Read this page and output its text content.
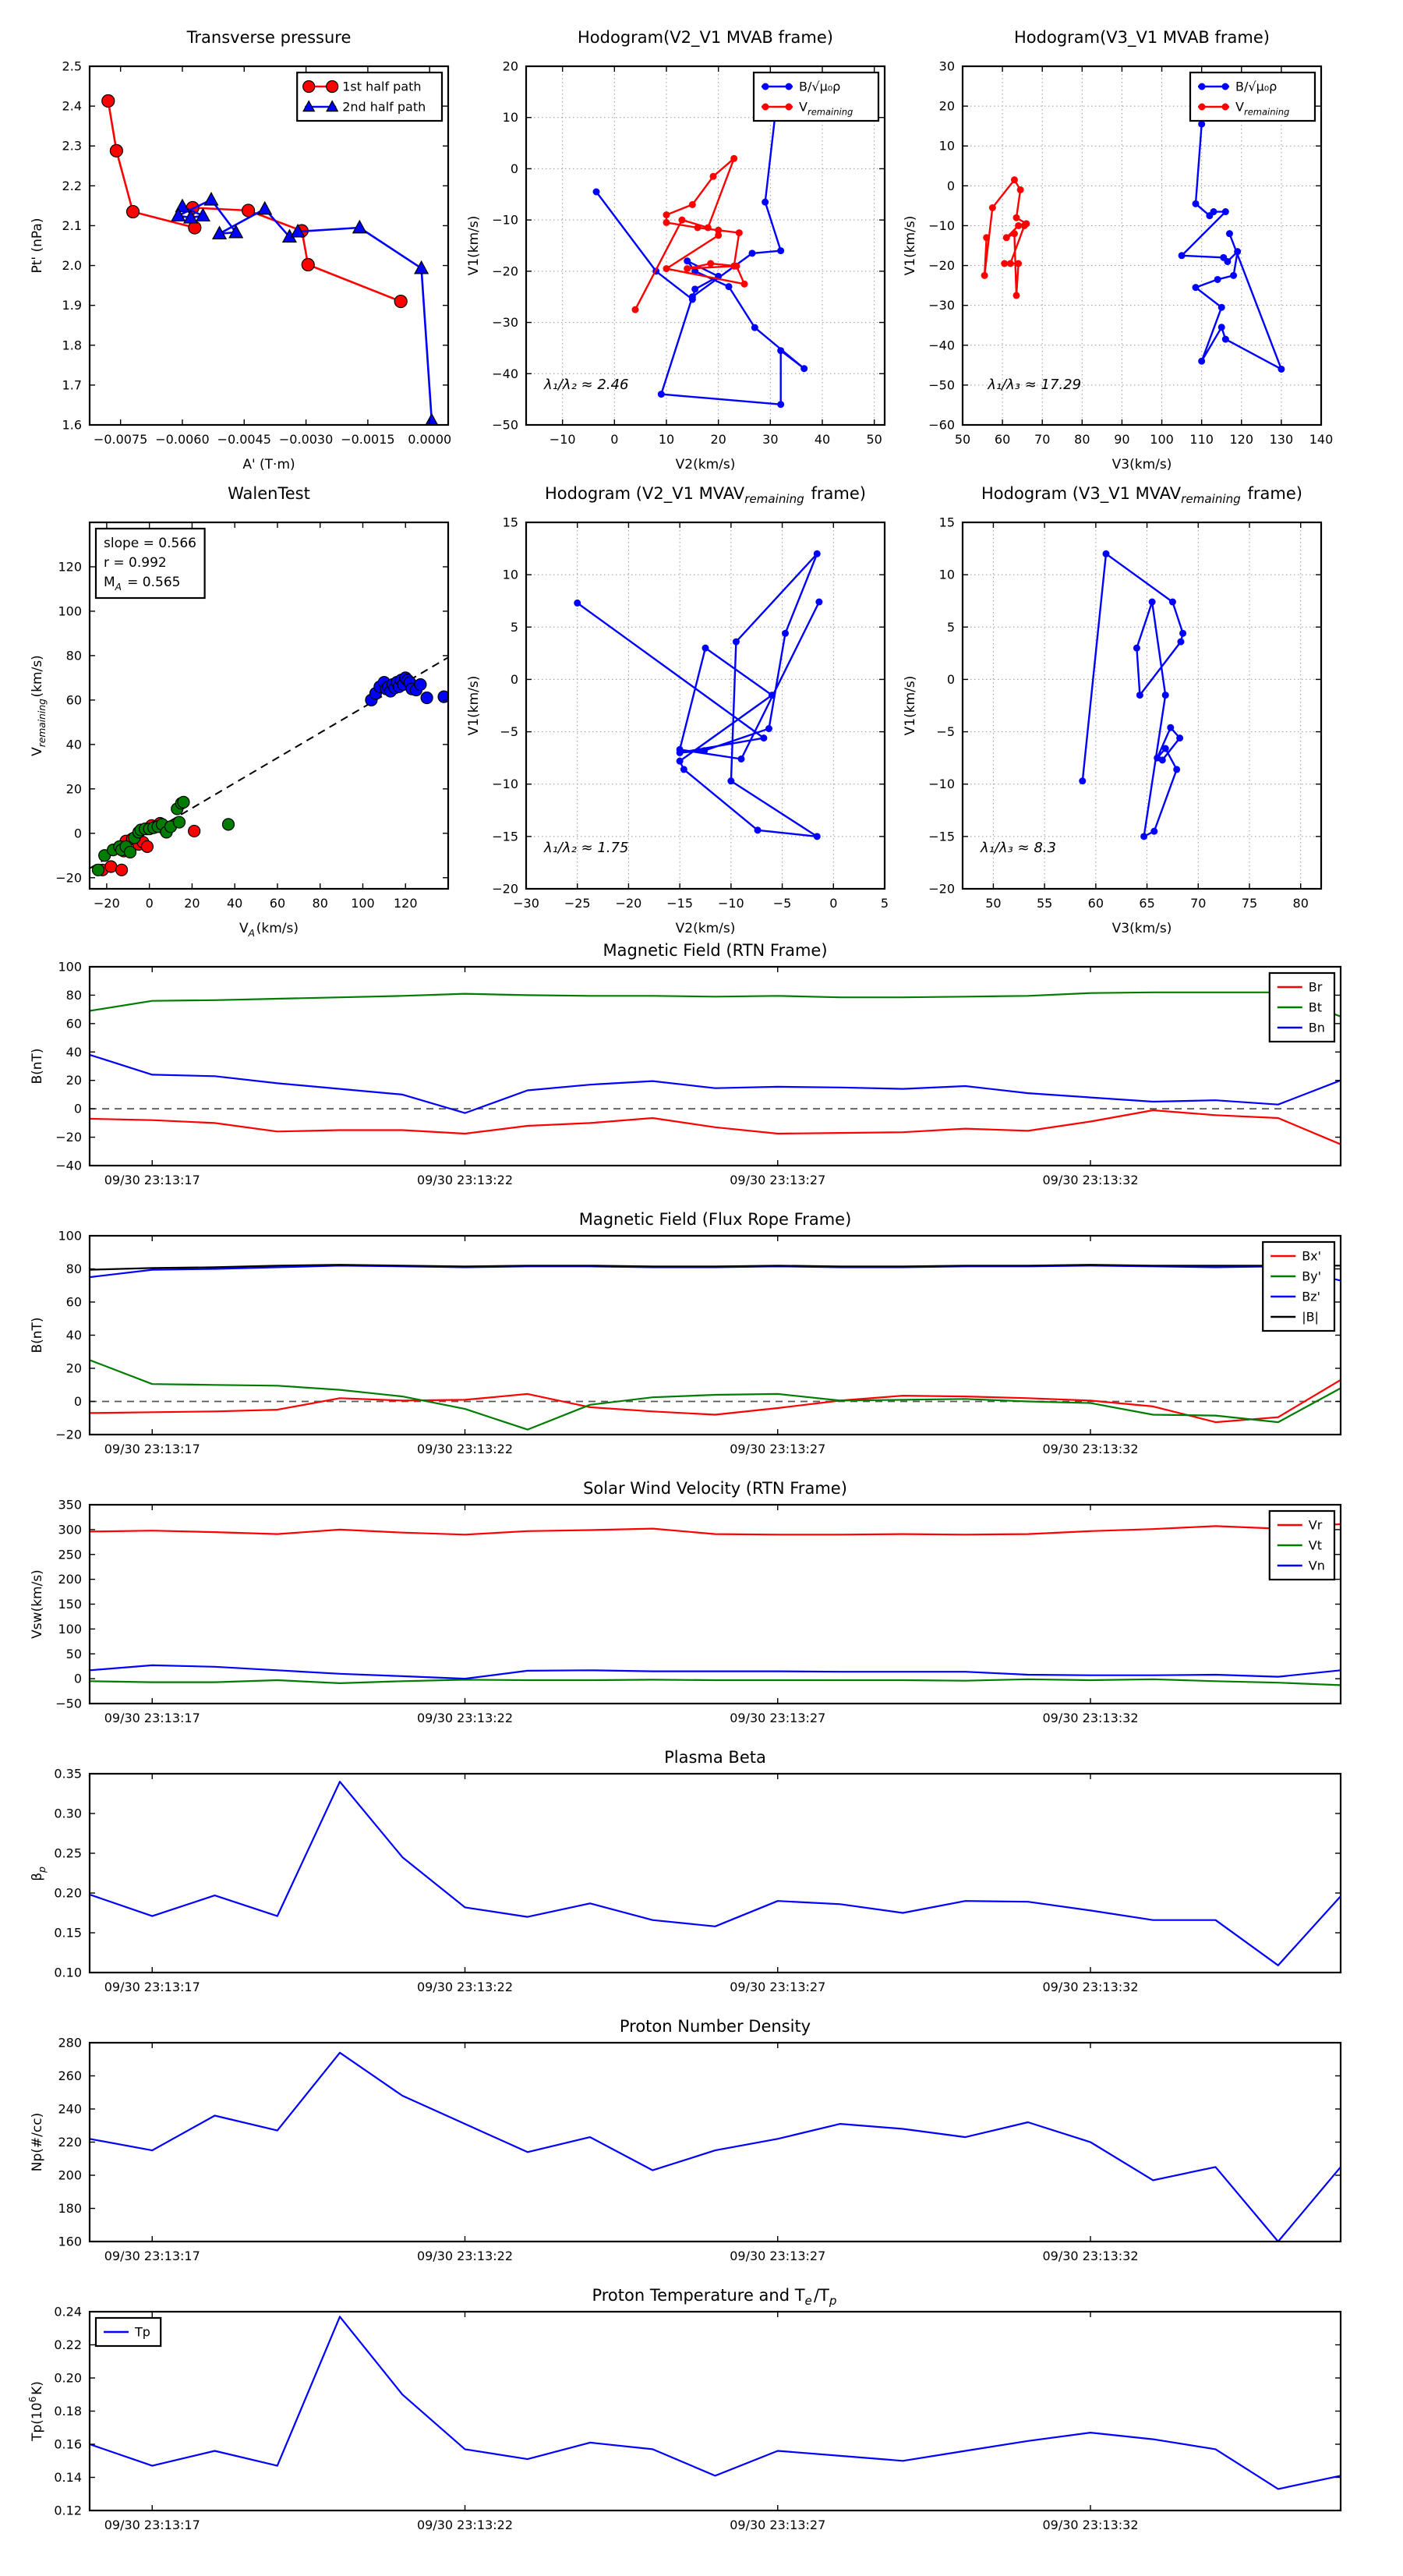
−0.0075 −0.0060 −0.0045 −0.0030 −0.0015 0.0000
1.6
1.7
1.8
1.9
2.0
2.1
2.2
2.3
2.4
2.5
Transverse pressure
A' (T·m)
Pt' (nPa)
1st half path
2nd half path
−10	0	10	20	30	40	50
−50
−40
−30
−20
−10
0
10
20
Hodogram(V2_V1 MVAB frame)
V2(km/s)
V1(km/s)
λ₁/λ₂ ≈ 2.46
B/√μ₀ρ
$V_{remaining}$ 
50 60 70 80 90 100 110 120 130 140
−60
−50
−40
−30
−20
−10
0
10
20
30
Hodogram(V3_V1 MVAB frame)
V3(km/s)
V1(km/s)
λ₁/λ₃ ≈ 17.29
B/√μ₀ρ
$V_{remaining}$ 
−20 0 20 40 60 80 100 120
−20
0
20
40
60
80
100
120
WalenTest
$V_A$  (km/s)
$V_{remaining}$ (km/s)
slope = 0.566
r = 0.992
$M_A$  = 0.565
−30 −25 −20 −15 −10 −5	0	5
−20
−15
−10
−5
0
5
10
15
Hodogram (V2_V1 $MVAV_{remaining}$  frame)
V2(km/s)
V1(km/s)
λ₁/λ₂ ≈ 1.75
50	55	60	65	70	75	80
−20
−15
−10
−5
0
5
10
15
Hodogram (V3_V1 $MVAV_{remaining}$  frame)
V3(km/s)
V1(km/s)
λ₁/λ₃ ≈ 8.3
09/30 23:13:17	09/30 23:13:22	09/30 23:13:27	09/30 23:13:32
−40
−20
0
20
40
60
80
100
Magnetic Field (RTN Frame)
B(nT)
Br
Bt
Bn
09/30 23:13:17	09/30 23:13:22	09/30 23:13:27	09/30 23:13:32
−20
0
20
40
60
80
100
Magnetic Field (Flux Rope Frame)
B(nT)
Bx'
By'
Bz'
|B|
09/30 23:13:17	09/30 23:13:22	09/30 23:13:27	09/30 23:13:32
−50
0
50
100
150
200
250
300
350
Solar Wind Velocity (RTN Frame)
Vsw(km/s)
Vr
Vt
Vn
09/30 23:13:17	09/30 23:13:22	09/30 23:13:27	09/30 23:13:32
0.10
0.15
0.20
0.25
0.30
0.35
Plasma Beta
$\beta_p$ 
09/30 23:13:17	09/30 23:13:22	09/30 23:13:27	09/30 23:13:32
160
180
200
220
240
260
280
Proton Number Density
Np(#/cc)
09/30 23:13:17	09/30 23:13:22	09/30 23:13:27	09/30 23:13:32
0.12
0.14
0.16
0.18
0.20
0.22
0.24
Proton Temperature and $T_e$ $/T_p$ 
$Tp(10^6$ K)
Tp
